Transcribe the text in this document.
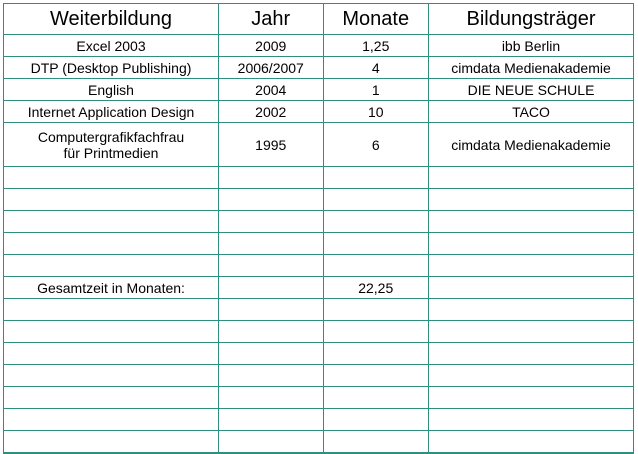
Weiterbildung	Jahr	Monate	Bildungsträger
Excel 2003	2009	1,25	ibb Berlin
DTP (Desktop Publishing)	2006/2007	4	cimdata Medienakademie
English	2004	1	DIE NEUE SCHULE
Internet Application Design	2002	10	TACO

Computergrafikfachfrau
für Printmedien	1995	6	cimdata Medienakademie

Gesamtzeit in Monaten:		22,25	
